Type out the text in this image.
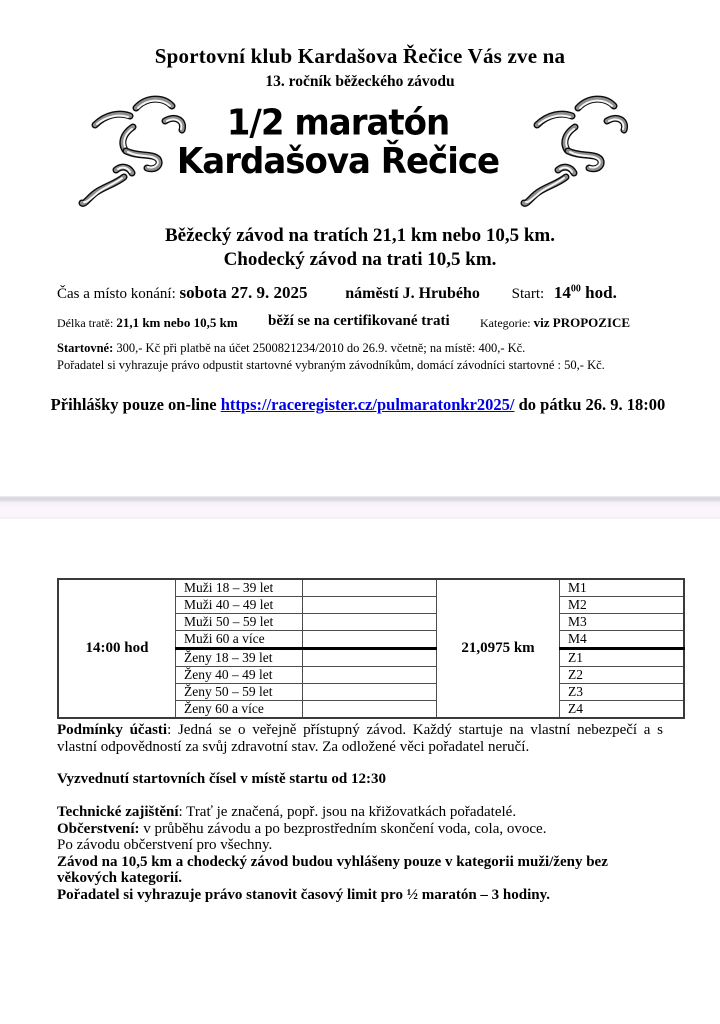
Sportovní klub Kardašova Řečice Vás zve na
13. ročník běžeckého závodu
1/2 maratón
Kardašova Řečice
Běžecký závod na tratích 21,1 km nebo 10,5 km.
Chodecký závod na trati 10,5 km.
Čas a místo konání: sobota 27. 9. 2025 náměstí J. Hrubého Start: $14^{00}$ hod.
Délka tratě: 21,1 km nebo 10,5 km běží se na certifikované trati	Kategorie: viz PROPOZICE
Startovné: 300,- Kč při platbě na účet 2500821234/2010 do 26.9. včetně; na místě: 400,- Kč.
Pořadatel si vyhrazuje právo odpustit startovné vybraným závodníkům, domácí závodníci startovné : 50,- Kč.
Přihlášky pouze on-line https://raceregister.cz/pulmaratonkr2025/ do pátku 26. 9. 18:00
14:00 hod	Muži 18 – 39 let		21,0975 km	M1
	Muži 40 – 49 let			M2
	Muži 50 – 59 let			M3
	Muži 60 a více			M4
	Ženy 18 – 39 let			Z1
	Ženy 40 – 49 let			Z2
	Ženy 50 – 59 let			Z3
	Ženy 60 a více			Z4

Podmínky účasti: Jedná se o veřejně přístupný závod. Každý startuje na vlastní nebezpečí a s vlastní odpovědností za svůj zdravotní stav. Za odložené věci pořadatel neručí.

Vyzvednutí startovních čísel v místě startu od 12:30

Technické zajištění: Trať je značená, popř. jsou na křižovatkách pořadatelé.

Občerstvení: v průběhu závodu a po bezprostředním skončení voda, cola, ovoce.

Po závodu občerstvení pro všechny.

Závod na 10,5 km a chodecký závod budou vyhlášeny pouze v kategorii muži/ženy bez věkových kategorií.

Pořadatel si vyhrazuje právo stanovit časový limit pro ½ maratón – 3 hodiny.
